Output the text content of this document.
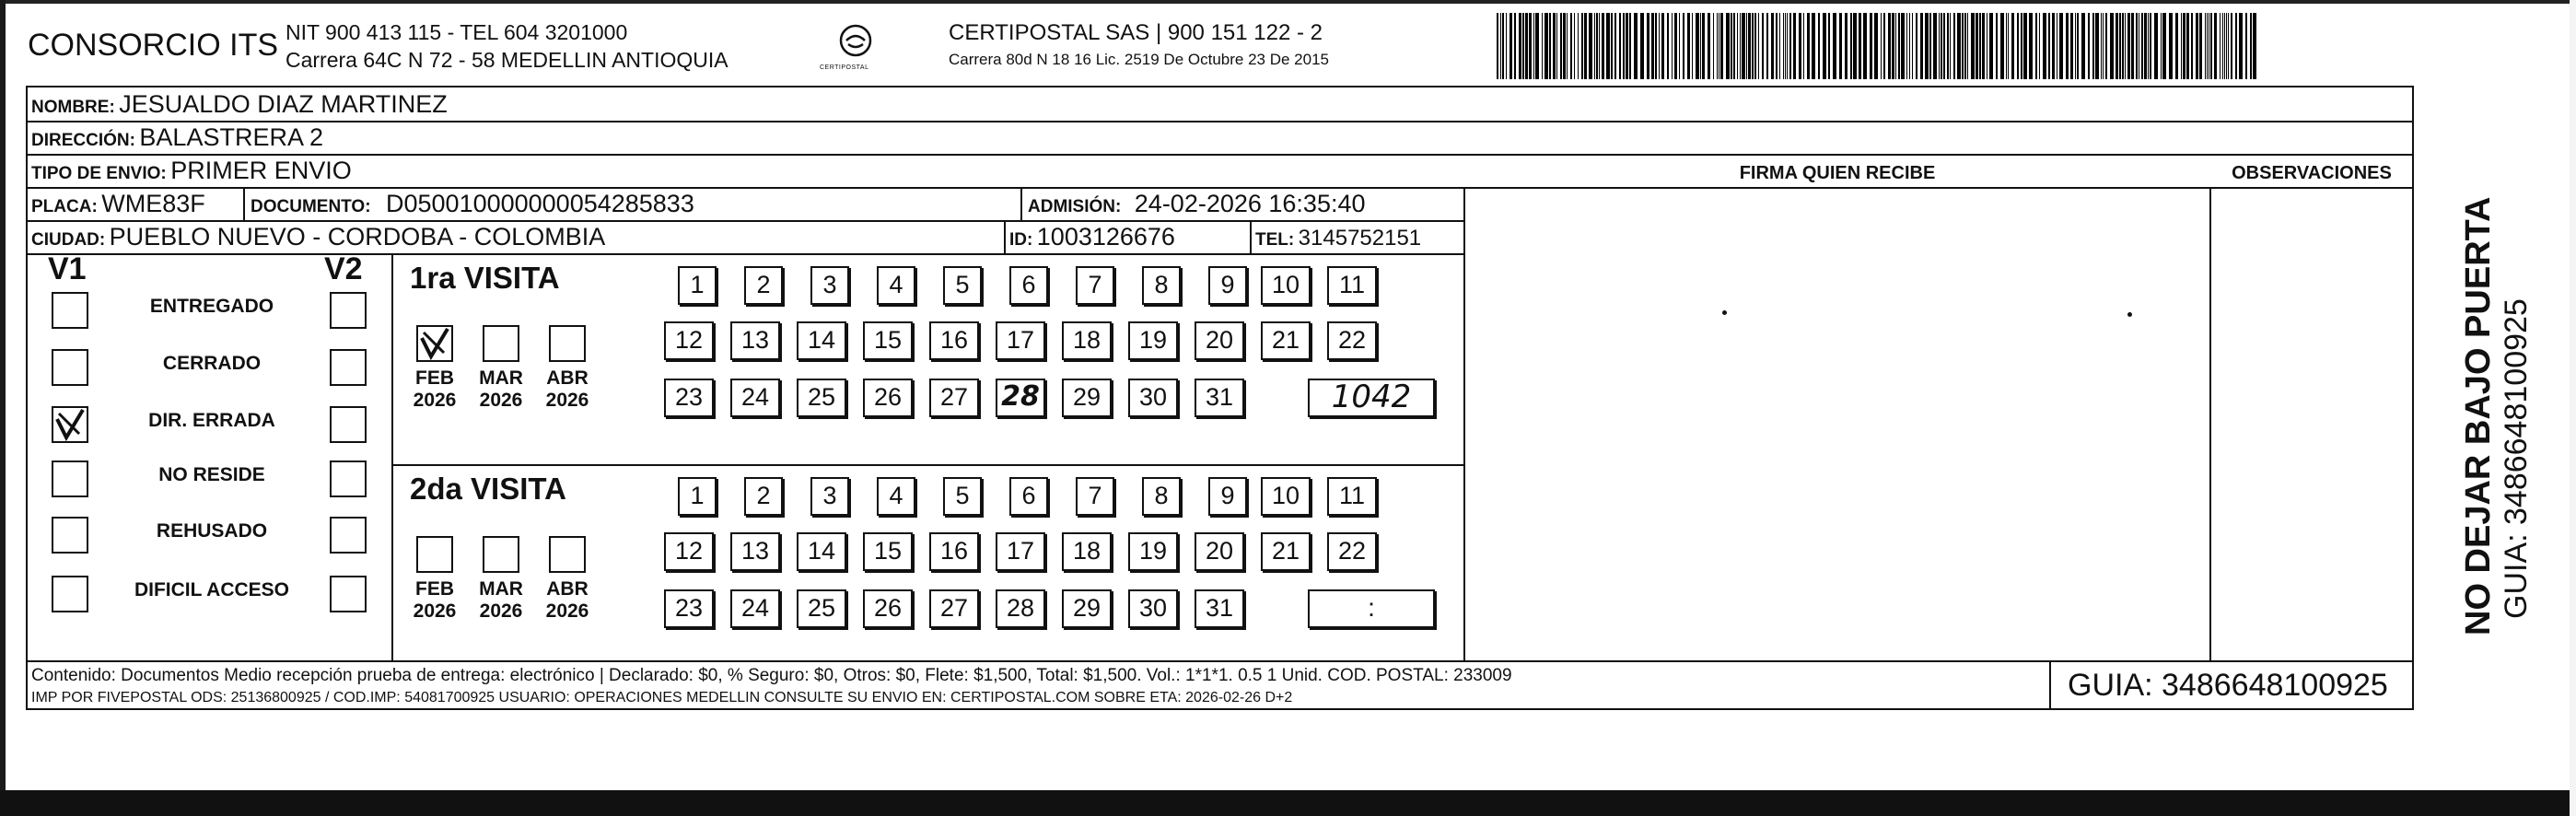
CONSORCIO ITS NIT 900 413 115 - TEL 604 3201000
Carrera 64C N 72 - 58 MEDELLIN ANTIOQUIA	CERTIPOSTAL
CERTIPOSTAL SAS | 900 151 122 - 2
Carrera 80d N 18 16 Lic. 2519 De Octubre 23 De 2015
NOMBRE: JESUALDO DIAZ MARTINEZ
DIRECCIÓN: BALASTRERA 2
TIPO DE ENVIO: PRIMER ENVIO	FIRMA QUIEN RECIBE	OBSERVACIONES
PLACA: WME83F	DOCUMENTO: D050010000000054285833	ADMISIÓN: 24-02-2026 16:35:40
CIUDAD: PUEBLO NUEVO - CORDOBA - COLOMBIA	ID: 1003126676	TEL: 3145752151
V1	V2
ENTREGADO
CERRADO
DIR. ERRADA
NO RESIDE
REHUSADO
DIFICIL ACCESO
1ra VISITA
FEB
2026
MAR
2026
ABR
2026
1	2	3	4	5	6	7	8	9	10	11
12	13	14	15	16	17	18	19	20	21	22
23	24	25	26	27	28	29	30	31	1042
2da VISITA
FEB
2026
MAR
2026
ABR
2026
1	2	3	4	5	6	7	8	9	10	11
12	13	14	15	16	17	18	19	20	21	22
23	24	25	26	27	28	29	30	31	:
Contenido: Documentos Medio recepción prueba de entrega: electrónico | Declarado: $0, % Seguro: $0, Otros: $0, Flete: $1,500, Total: $1,500. Vol.: 1*1*1. 0.5 1 Unid. COD. POSTAL: 233009
IMP POR FIVEPOSTAL ODS: 25136800925 / COD.IMP: 54081700925 USUARIO: OPERACIONES MEDELLIN CONSULTE SU ENVIO EN: CERTIPOSTAL.COM SOBRE ETA: 2026-02-26 D+2	GUIA: 3486648100925
NO DEJAR BAJO PUERTA GUIA: 3486648100925
